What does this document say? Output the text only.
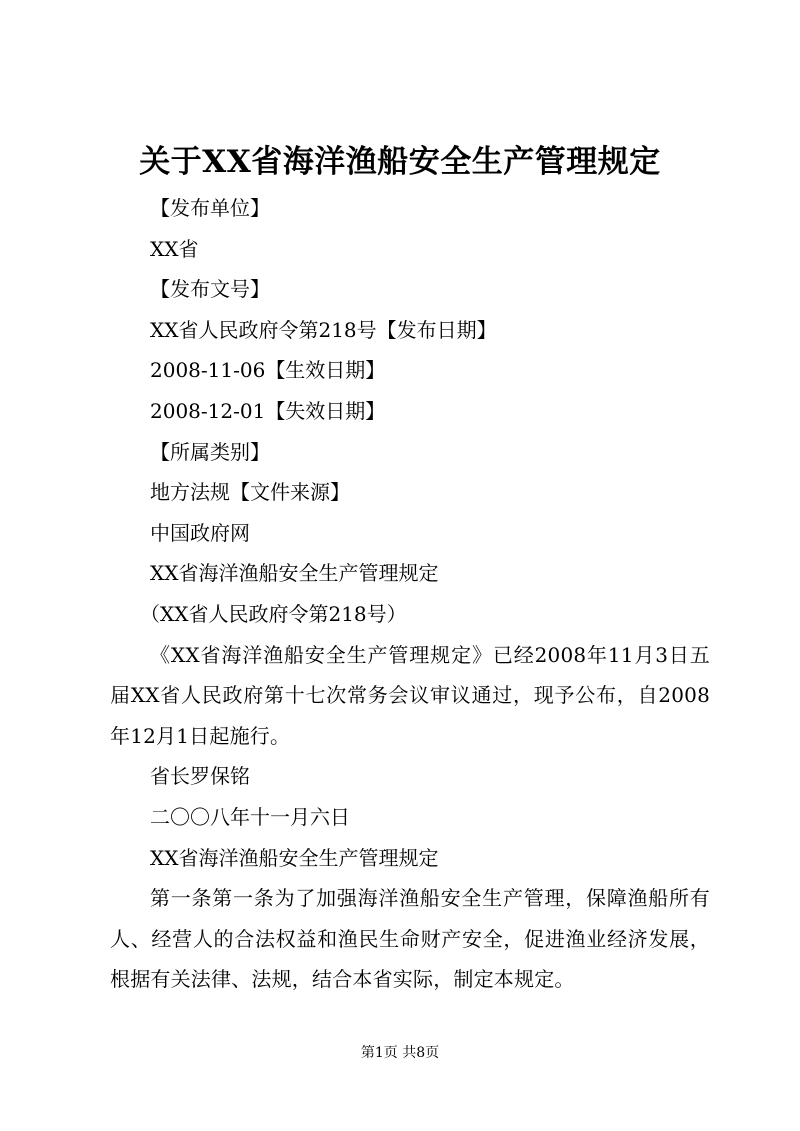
关于XX省海洋渔船安全生产管理规定

【发布单位】

XX省

【发布文号】

XX省人民政府令第218号【发布日期】

2008-11-06【生效日期】

2008-12-01【失效日期】

【所属类别】

地方法规【文件来源】

中国政府网

XX省海洋渔船安全生产管理规定

（XX省人民政府令第218号）

《XX省海洋渔船安全生产管理规定》已经2008年11月3日五届XX省人民政府第十七次常务会议审议通过，现予公布，自2008年12月1日起施行。

省长罗保铭

二〇〇八年十一月六日

XX省海洋渔船安全生产管理规定

第一条第一条为了加强海洋渔船安全生产管理，保障渔船所有人、经营人的合法权益和渔民生命财产安全，促进渔业经济发展，根据有关法律、法规，结合本省实际，制定本规定。

第1页 共8页
